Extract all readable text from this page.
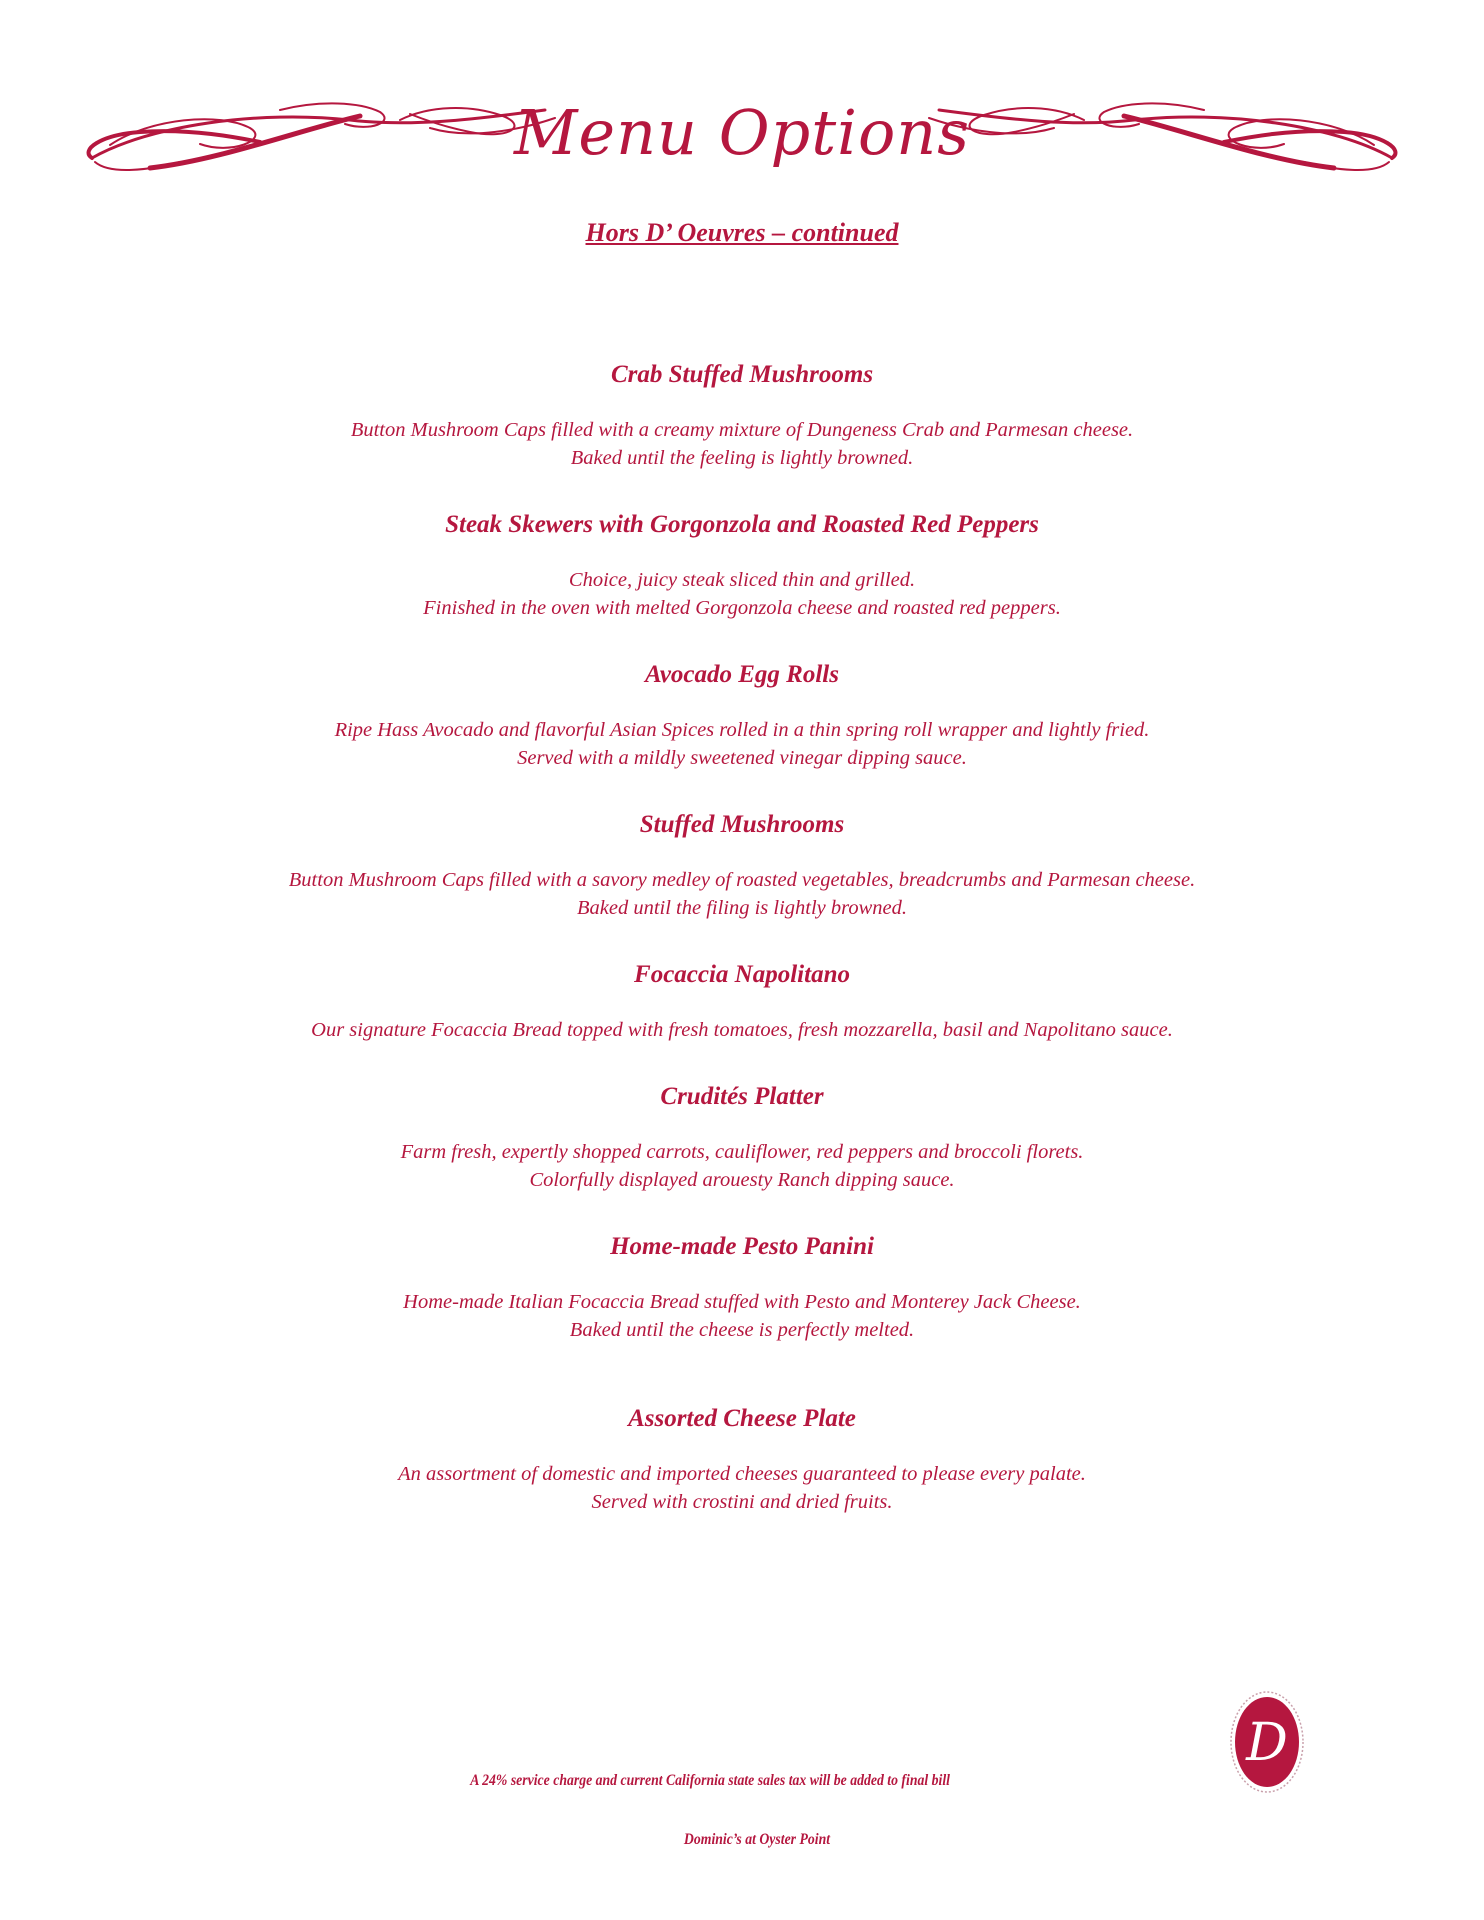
Menu Options
Hors D’ Oeuvres – continued
Crab Stuffed Mushrooms
Button Mushroom Caps filled with a creamy mixture of Dungeness Crab and Parmesan cheese.
Baked until the feeling is lightly browned.
Steak Skewers with Gorgonzola and Roasted Red Peppers
Choice, juicy steak sliced thin and grilled.
Finished in the oven with melted Gorgonzola cheese and roasted red peppers.
Avocado Egg Rolls
Ripe Hass Avocado and flavorful Asian Spices rolled in a thin spring roll wrapper and lightly fried.
Served with a mildly sweetened vinegar dipping sauce.
Stuffed Mushrooms
Button Mushroom Caps filled with a savory medley of roasted vegetables, breadcrumbs and Parmesan cheese.
Baked until the filing is lightly browned.
Focaccia Napolitano
Our signature Focaccia Bread topped with fresh tomatoes, fresh mozzarella, basil and Napolitano sauce.
Crudités Platter
Farm fresh, expertly shopped carrots, cauliflower, red peppers and broccoli florets.
Colorfully displayed arouesty Ranch dipping sauce.
Home-made Pesto Panini
Home-made Italian Focaccia Bread stuffed with Pesto and Monterey Jack Cheese.
Baked until the cheese is perfectly melted.
Assorted Cheese Plate
An assortment of domestic and imported cheeses guaranteed to please every palate.
Served with crostini and dried fruits.
D
A 24% service charge and current California state sales tax will be added to final bill
Dominic’s at Oyster Point
